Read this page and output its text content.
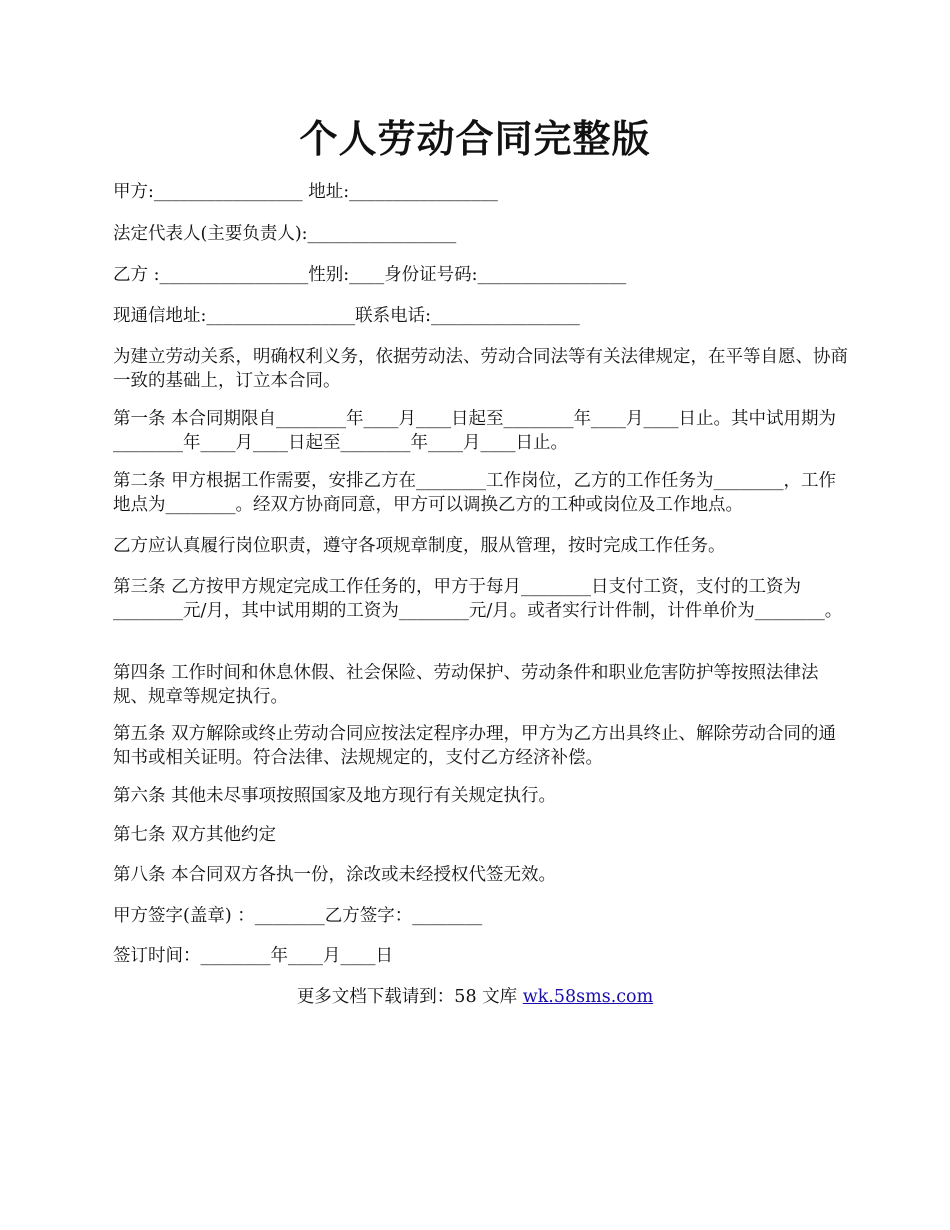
个人劳动合同完整版

甲方:_________________ 地址:_________________

法定代表人(主要负责人):_________________

乙方 :_________________性别:____身份证号码:_________________

现通信地址:_________________联系电话:_________________

为建立劳动关系，明确权利义务，依据劳动法、劳动合同法等有关法律规定，在平等自愿、协商一致的基础上，订立本合同。

第一条 本合同期限自________年____月____日起至________年____月____日止。其中试用期为________年____月____日起至________年____月____日止。

第二条 甲方根据工作需要，安排乙方在________工作岗位，乙方的工作任务为________，工作地点为________。经双方协商同意，甲方可以调换乙方的工种或岗位及工作地点。

乙方应认真履行岗位职责，遵守各项规章制度，服从管理，按时完成工作任务。

第三条 乙方按甲方规定完成工作任务的，甲方于每月________日支付工资，支付的工资为________元/月，其中试用期的工资为________元/月。或者实行计件制，计件单价为________。

第四条 工作时间和休息休假、社会保险、劳动保护、劳动条件和职业危害防护等按照法律法规、规章等规定执行。

第五条 双方解除或终止劳动合同应按法定程序办理，甲方为乙方出具终止、解除劳动合同的通知书或相关证明。符合法律、法规规定的，支付乙方经济补偿。

第六条 其他未尽事项按照国家及地方现行有关规定执行。

第七条 双方其他约定

第八条 本合同双方各执一份，涂改或未经授权代签无效。

甲方签字(盖章) ：________乙方签字：________

签订时间：________年____月____日

更多文档下载请到：58 文库 wk.58sms.com
